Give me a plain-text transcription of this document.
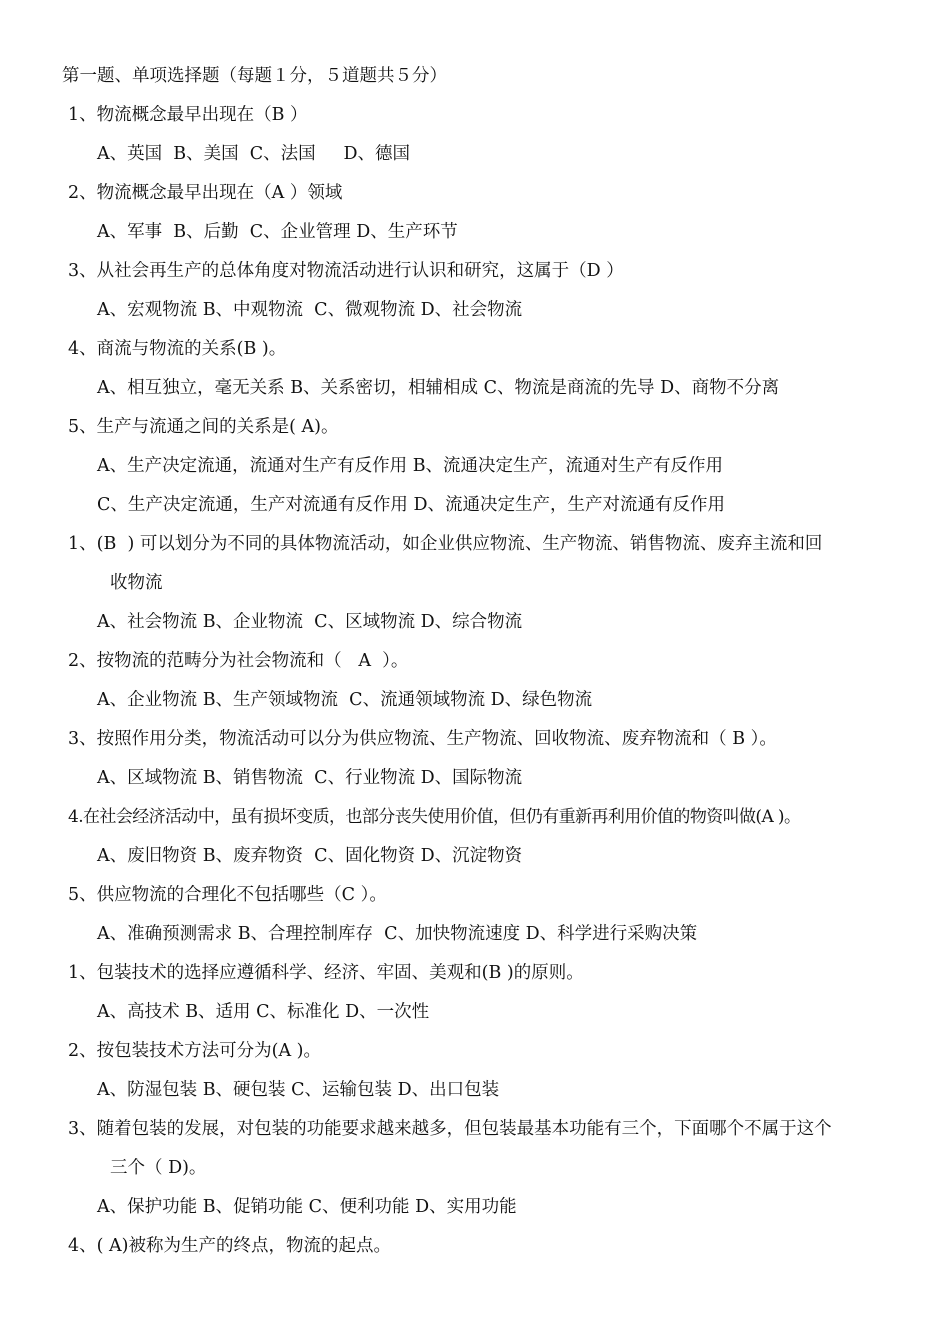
第一题、单项选择题（每题１分，５道题共５分）
1、物流概念最早出现在（B ）
A、英国  B、美国  C、法国     D、德国
2、物流概念最早出现在（A ）领域
A、军事  B、后勤  C、企业管理 D、生产环节
3、从社会再生产的总体角度对物流活动进行认识和研究，这属于（D ）
A、宏观物流 B、中观物流  C、微观物流 D、社会物流
4、商流与物流的关系(B )。
A、相互独立，毫无关系 B、关系密切，相辅相成 C、物流是商流的先导 D、商物不分离
5、生产与流通之间的关系是( A)。
A、生产决定流通，流通对生产有反作用 B、流通决定生产，流通对生产有反作用
C、生产决定流通，生产对流通有反作用 D、流通决定生产，生产对流通有反作用
1、(B  ) 可以划分为不同的具体物流活动，如企业供应物流、生产物流、销售物流、废弃主流和回
收物流
A、社会物流 B、企业物流  C、区域物流 D、综合物流
2、按物流的范畴分为社会物流和（   A  ）。
A、企业物流 B、生产领域物流  C、流通领域物流 D、绿色物流
3、按照作用分类，物流活动可以分为供应物流、生产物流、回收物流、废弃物流和（ B ）。
A、区域物流 B、销售物流  C、行业物流 D、国际物流
4.在社会经济活动中，虽有损坏变质，也部分丧失使用价值，但仍有重新再利用价值的物资叫做(A )。
A、废旧物资 B、废弃物资  C、固化物资 D、沉淀物资
5、供应物流的合理化不包括哪些（C ）。
A、准确预测需求 B、合理控制库存  C、加快物流速度 D、科学进行采购决策
1、包装技术的选择应遵循科学、经济、牢固、美观和(B )的原则。
A、高技术 B、适用 C、标准化 D、一次性
2、按包装技术方法可分为(A )。
A、防湿包装 B、硬包装 C、运输包装 D、出口包装
3、随着包装的发展，对包装的功能要求越来越多，但包装最基本功能有三个，下面哪个不属于这个
三个（ D)。
A、保护功能 B、促销功能 C、便利功能 D、实用功能
4、( A)被称为生产的终点，物流的起点。
